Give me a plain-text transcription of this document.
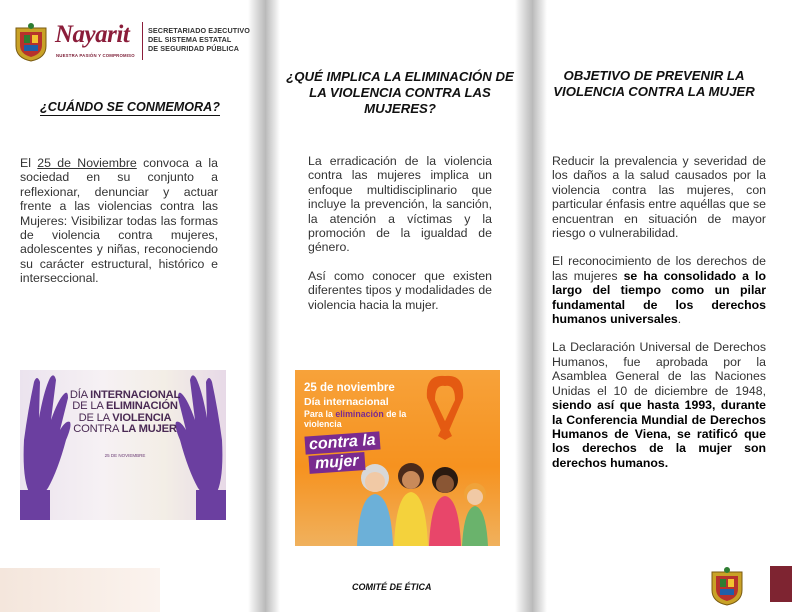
Nayarit
NUESTRA PASIÓN Y COMPROMISO
SECRETARIADO EJECUTIVO
DEL SISTEMA ESTATAL
DE SEGURIDAD PÚBLICA
¿CUÁNDO SE CONMEMORA?
El 25 de Noviembre convoca a la sociedad en su conjunto a reflexionar, denunciar y actuar frente a las violencias contra las Mujeres: Visibilizar todas las formas de violencia contra mujeres, adolescentes y niñas, reconociendo su carácter estructural, histórico e interseccional.
DÍA INTERNACIONAL
DE LA ELIMINACIÓN
DE LA VIOLENCIA
CONTRA LA MUJER
25 DE NOVIEMBRE
¿QUÉ IMPLICA LA ELIMINACIÓN DE LA VIOLENCIA CONTRA LAS MUJERES?

La erradicación de la violencia contra las mujeres implica un enfoque multidisciplinario que incluye la prevención, la sanción, la atención a víctimas y la promoción de la igualdad de género.

Así como conocer que existen diferentes tipos y modalidades de violencia hacia la mujer.

25 de noviembre
Día internacional
Para la eliminación de la violencia
contra la
mujer
COMITÉ DE ÉTICA
OBJETIVO DE PREVENIR LA VIOLENCIA CONTRA LA MUJER

Reducir la prevalencia y severidad de los daños a la salud causados por la violencia contra las mujeres, con particular énfasis entre aquéllas que se encuentran en situación de mayor riesgo o vulnerabilidad.

El reconocimiento de los derechos de las mujeres se ha consolidado a lo largo del tiempo como un pilar fundamental de los derechos humanos universales.

La Declaración Universal de Derechos Humanos, fue aprobada por la Asamblea General de las Naciones Unidas el 10 de diciembre de 1948, siendo así que hasta 1993, durante la Conferencia Mundial de Derechos Humanos de Viena, se ratificó que los derechos de la mujer son derechos humanos.
